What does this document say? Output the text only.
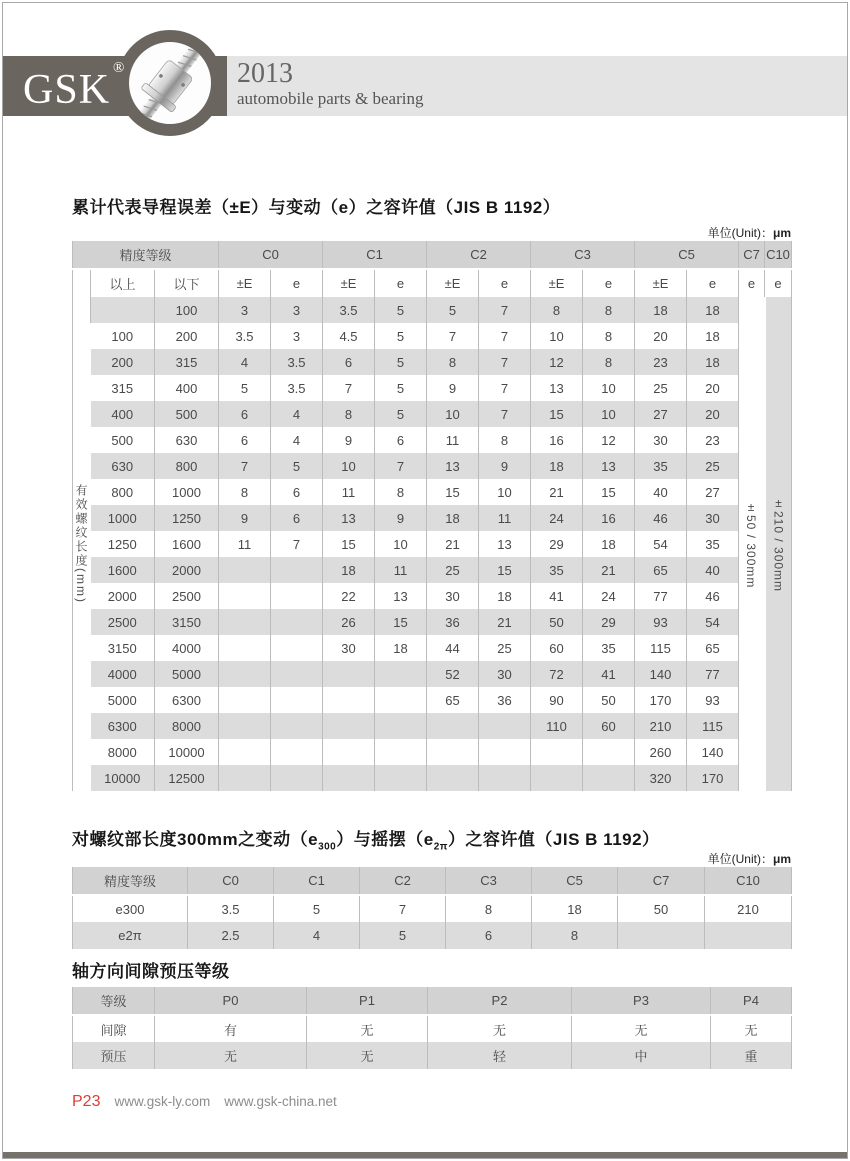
GSK ®	2013
automobile parts & bearing
累计代表导程误差（±E）与变动（e）之容许值（JIS B 1192）
单位(Unit)：μm
精度等级			C0		C1		C2		C3		C5		C7	C10
	以上	以下	±E	e	±E	e	±E	e	±E	e	±E	e	e	e

有效螺纹长度(mm)		100	3	3	3.5	5	5	7	8	8	18	18	±50 / 300mm	±210 / 300mm

	100	200	3.5	3	4.5	5	7	7	10	8	20	18		
	200	315	4	3.5	6	5	8	7	12	8	23	18		
	315	400	5	3.5	7	5	9	7	13	10	25	20		
	400	500	6	4	8	5	10	7	15	10	27	20		
	500	630	6	4	9	6	11	8	16	12	30	23		
	630	800	7	5	10	7	13	9	18	13	35	25		
	800	1000	8	6	11	8	15	10	21	15	40	27		
	1000	1250	9	6	13	9	18	11	24	16	46	30		
	1250	1600	11	7	15	10	21	13	29	18	54	35		
	1600	2000			18	11	25	15	35	21	65	40		
	2000	2500			22	13	30	18	41	24	77	46		
	2500	3150			26	15	36	21	50	29	93	54		
	3150	4000			30	18	44	25	60	35	115	65		
	4000	5000					52	30	72	41	140	77		
	5000	6300					65	36	90	50	170	93		
	6300	8000							110	60	210	115		
	8000	10000									260	140		
	10000	12500									320	170		
对螺纹部长度300mm之变动$(e_{300})$与摇摆$(e_{2\pi})$之容许值（JIS B 1192）
单位(Unit)：μm
精度等级	C0	C1	C2	C3	C5	C7	C10
e300	3.5	5	7	8	18	50	210
e2π	2.5	4	5	6	8		
轴方向间隙预压等级
等级	P0	P1	P2	P3	P4
间隙	有	无	无	无	无
预压	无	无	轻	中	重
P23 www.gsk-ly.com www.gsk-china.net
